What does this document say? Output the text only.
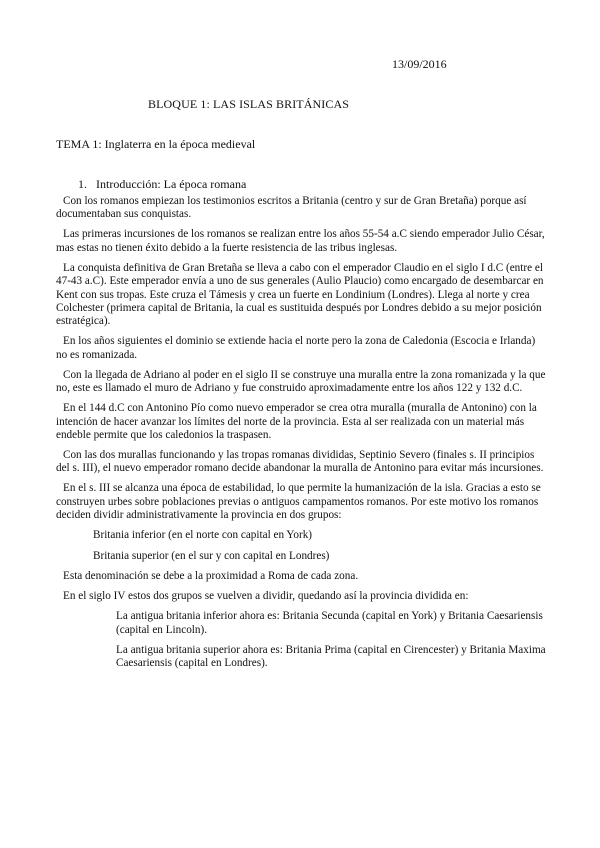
13/09/2016
BLOQUE 1: LAS ISLAS BRITÁNICAS
TEMA 1: Inglaterra en la época medieval
1. Introducción: La época romana

Con los romanos empiezan los testimonios escritos a Britania (centro y sur de Gran Bretaña) porque así documentaban sus conquistas.

Las primeras incursiones de los romanos se realizan entre los años 55-54 a.C siendo emperador Julio César, mas estas no tienen éxito debido a la fuerte resistencia de las tribus inglesas.

La conquista definitiva de Gran Bretaña se lleva a cabo con el emperador Claudio en el siglo I d.C (entre el 47-43 a.C). Este emperador envía a uno de sus generales (Aulio Plaucio) como encargado de desembarcar en Kent con sus tropas. Este cruza el Támesis y crea un fuerte en Londinium (Londres). Llega al norte y crea Colchester (primera capital de Britania, la cual es sustituida después por Londres debido a su mejor posición estratégica).

En los años siguientes el dominio se extiende hacia el norte pero la zona de Caledonia (Escocia e Irlanda) no es romanizada.

Con la llegada de Adriano al poder en el siglo II se construye una muralla entre la zona romanizada y la que no, este es llamado el muro de Adriano y fue construido aproximadamente entre los años 122 y 132 d.C.

En el 144 d.C con Antonino Pío como nuevo emperador se crea otra muralla (muralla de Antonino) con la intención de hacer avanzar los límites del norte de la provincia. Esta al ser realizada con un material más endeble permite que los caledonios la traspasen.

Con las dos murallas funcionando y las tropas romanas divididas, Septinio Severo (finales s. II principios del s. III), el nuevo emperador romano decide abandonar la muralla de Antonino para evitar más incursiones.

En el s. III se alcanza una época de estabilidad, lo que permite la humanización de la isla. Gracias a esto se construyen urbes sobre poblaciones previas o antiguos campamentos romanos. Por este motivo los romanos deciden dividir administrativamente la provincia en dos grupos:

Britania inferior (en el norte con capital en York)

Britania superior (en el sur y con capital en Londres)

Esta denominación se debe a la proximidad a Roma de cada zona.

En el siglo IV estos dos grupos se vuelven a dividir, quedando así la provincia dividida en:

La antigua britania inferior ahora es: Britania Secunda (capital en York) y Britania Caesariensis (capital en Lincoln).

La antigua britania superior ahora es: Britania Prima (capital en Cirencester) y Britania Maxima Caesariensis (capital en Londres).
